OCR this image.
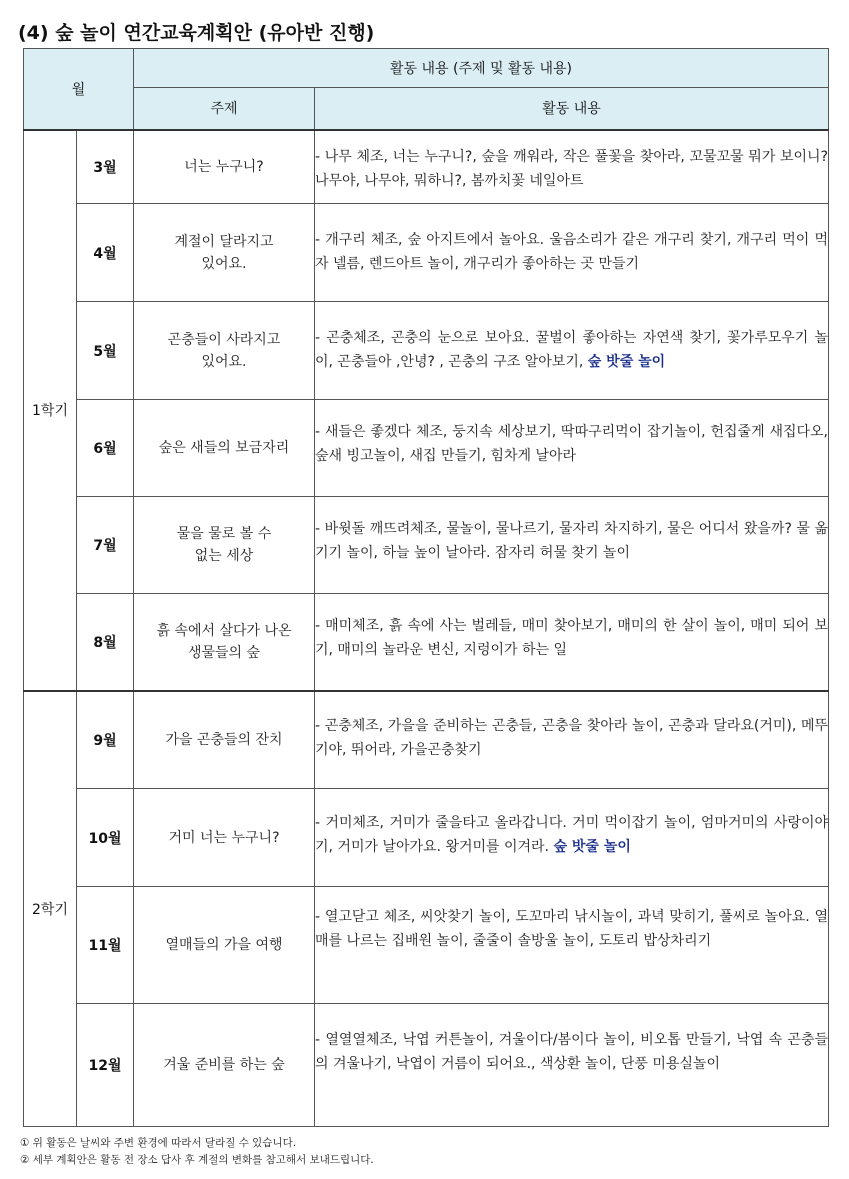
(4) 숲 놀이 연간교육계획안 (유아반 진행)
월		활동 내용 (주제 및 활동 내용)	
		주제	활동 내용
1학기	3월	너는 누구니?	- 나무 체조, 너는 누구니?, 숲을 깨워라, 작은 풀꽃을 찾아라, 꼬물꼬물 뭐가 보이니? 나무야, 나무야, 뭐하니?, 봄까치꽃 네일아트
	4월	계절이 달라지고
있어요.	- 개구리 체조, 숲 아지트에서 놀아요. 울음소리가 같은 개구리 찾기, 개구리 먹이 먹자 넬름, 렌드아트 놀이, 개구리가 좋아하는 곳 만들기
	5월	곤충들이 사라지고
있어요.	- 곤충체조, 곤충의 눈으로 보아요. 꿀벌이 좋아하는 자연색 찾기, 꽃가루모우기 놀이, 곤충들아 ,안녕? , 곤충의 구조 알아보기, 숲 밧줄 놀이
	6월	숲은 새들의 보금자리	- 새들은 좋겠다 체조, 둥지속 세상보기, 딱따구리먹이 잡기놀이, 헌집줄게 새집다오, 숲새 빙고놀이, 새집 만들기, 힘차게 날아라
	7월	물을 물로 볼 수
없는 세상	- 바윗돌 깨뜨려체조, 물놀이, 물나르기, 물자리 차지하기, 물은 어디서 왔을까? 물 옮기기 놀이, 하늘 높이 날아라. 잠자리 허물 찾기 놀이
	8월	흙 속에서 살다가 나온
생물들의 숲	- 매미체조, 흙 속에 사는 벌레들, 매미 찾아보기, 매미의 한 살이 놀이, 매미 되어 보기, 매미의 놀라운 변신, 지렁이가 하는 일
2학기	9월	가을 곤충들의 잔치	- 곤충체조, 가을을 준비하는 곤충들, 곤충을 찾아라 놀이, 곤충과 달라요(거미), 메뚜기야, 뛰어라, 가을곤충찾기
	10월	거미 너는 누구니?	- 거미체조, 거미가 줄을타고 올라갑니다. 거미 먹이잡기 놀이, 엄마거미의 사랑이야기, 거미가 날아가요. 왕거미를 이겨라. 숲 밧줄 놀이
	11월	열매들의 가을 여행	- 열고닫고 체조, 씨앗찾기 놀이, 도꼬마리 낚시놀이, 과녁 맞히기, 풀씨로 놀아요. 열매를 나르는 집배원 놀이, 줄줄이 솔방울 놀이, 도토리 밥상차리기
	12월	겨울 준비를 하는 숲	- 열열열체조, 낙엽 커튼놀이, 겨울이다/봄이다 놀이, 비오톱 만들기, 낙엽 속 곤충들의 겨울나기, 낙엽이 거름이 되어요., 색상환 놀이, 단풍 미용실놀이
① 위 활동은 날씨와 주변 환경에 따라서 달라질 수 있습니다.
② 세부 계획안은 활동 전 장소 답사 후 계절의 변화를 참고해서 보내드립니다.
